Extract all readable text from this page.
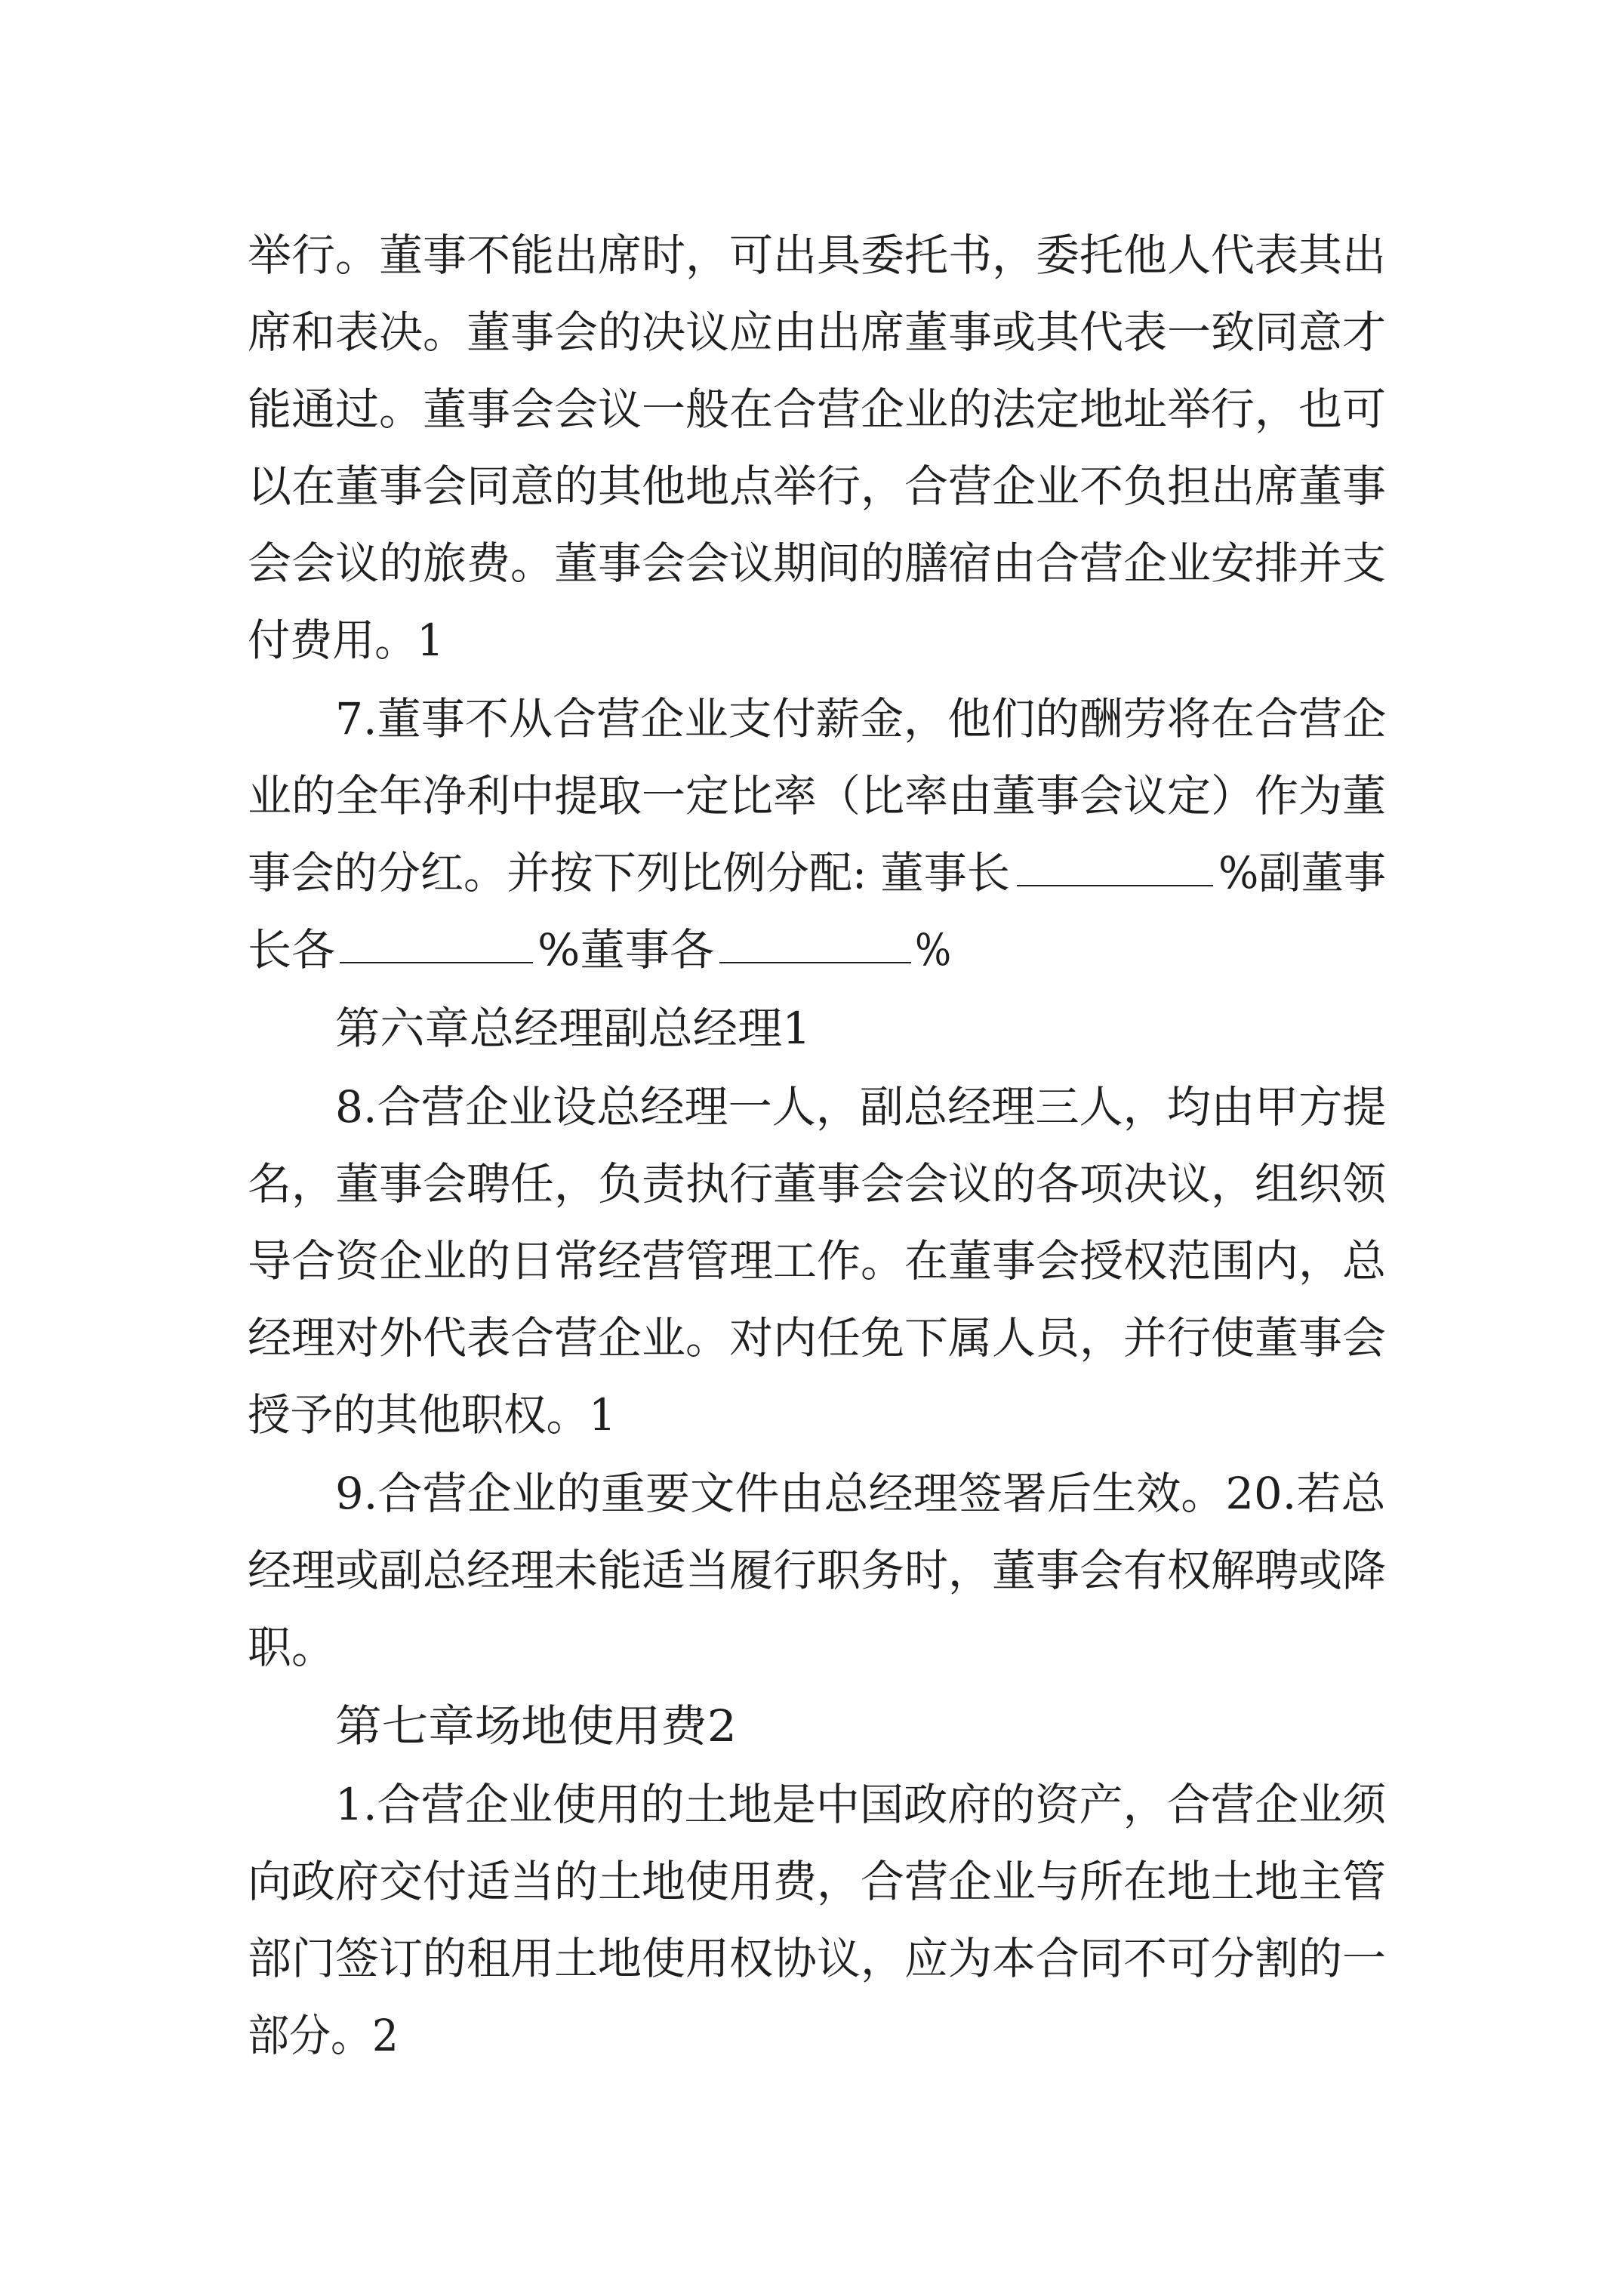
举行。董事不能出席时，可出具委托书，委托他人代表其出
席和表决。董事会的决议应由出席董事或其代表一致同意才
能通过。董事会会议一般在合营企业的法定地址举行，也可
以在董事会同意的其他地点举行，合营企业不负担出席董事
会会议的旅费。董事会会议期间的膳宿由合营企业安排并支
付费用。1
7.董事不从合营企业支付薪金，他们的酬劳将在合营企
业的全年净利中提取一定比率（比率由董事会议定）作为董
事会的分红。并按下列比例分配: 董事长	%副董事
长各	%董事各	%
第六章总经理副总经理1
8.合营企业设总经理一人，副总经理三人，均由甲方提
名，董事会聘任，负责执行董事会会议的各项决议，组织领
导合资企业的日常经营管理工作。在董事会授权范围内，总
经理对外代表合营企业。对内任免下属人员，并行使董事会
授予的其他职权。1
9.合营企业的重要文件由总经理签署后生效。20.若总
经理或副总经理未能适当履行职务时，董事会有权解聘或降
职。
第七章场地使用费2
1.合营企业使用的土地是中国政府的资产，合营企业须
向政府交付适当的土地使用费，合营企业与所在地土地主管
部门签订的租用土地使用权协议，应为本合同不可分割的一
部分。2
